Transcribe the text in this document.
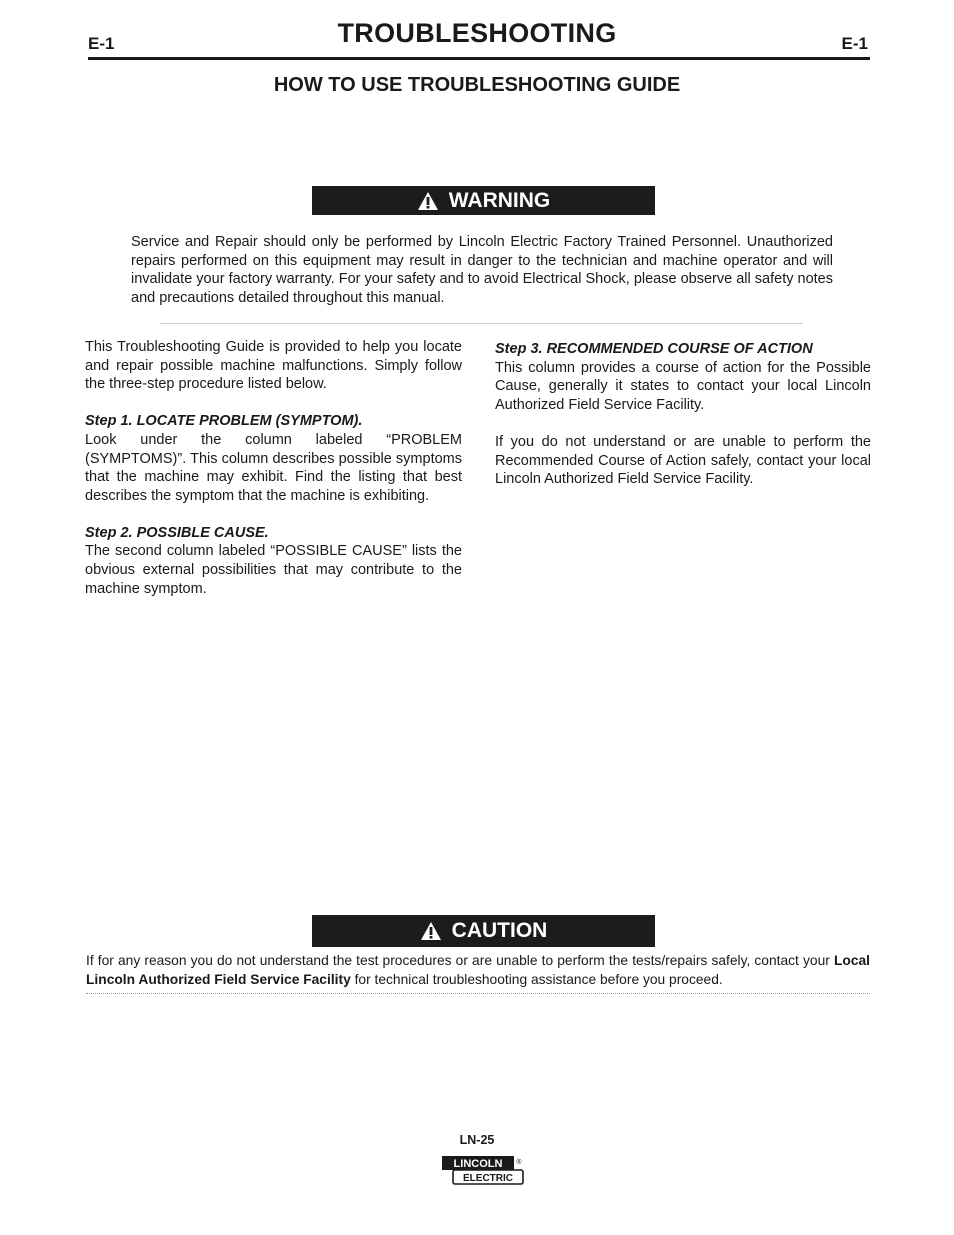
E-1	TROUBLESHOOTING	E-1
HOW TO USE TROUBLESHOOTING GUIDE
WARNING
Service and Repair should only be performed by Lincoln Electric Factory Trained Personnel. Unauthorized repairs performed on this equipment may result in danger to the technician and machine operator and will invalidate your factory warranty. For your safety and to avoid Electrical Shock, please observe all safety notes and precautions detailed throughout this manual.

This Troubleshooting Guide is provided to help you locate and repair possible machine malfunctions. Simply follow the three-step procedure listed below.

Step 1. LOCATE PROBLEM (SYMPTOM).
Look under the column labeled “PROBLEM (SYMPTOMS)”. This column describes possible symptoms that the machine may exhibit. Find the listing that best describes the symptom that the machine is exhibiting.

Step 2. POSSIBLE CAUSE.
The second column labeled “POSSIBLE CAUSE” lists the obvious external possibilities that may contribute to the machine symptom.

Step 3. RECOMMENDED COURSE OF ACTION
This column provides a course of action for the Possible Cause, generally it states to contact your local Lincoln Authorized Field Service Facility.

If you do not understand or are unable to perform the Recommended Course of Action safely, contact your local Lincoln Authorized Field Service Facility.

CAUTION
If for any reason you do not understand the test procedures or are unable to perform the tests/repairs safely, contact your Local Lincoln Authorized Field Service Facility for technical troubleshooting assistance before you proceed.
LN-25
LINCOLN ®
ELECTRIC
